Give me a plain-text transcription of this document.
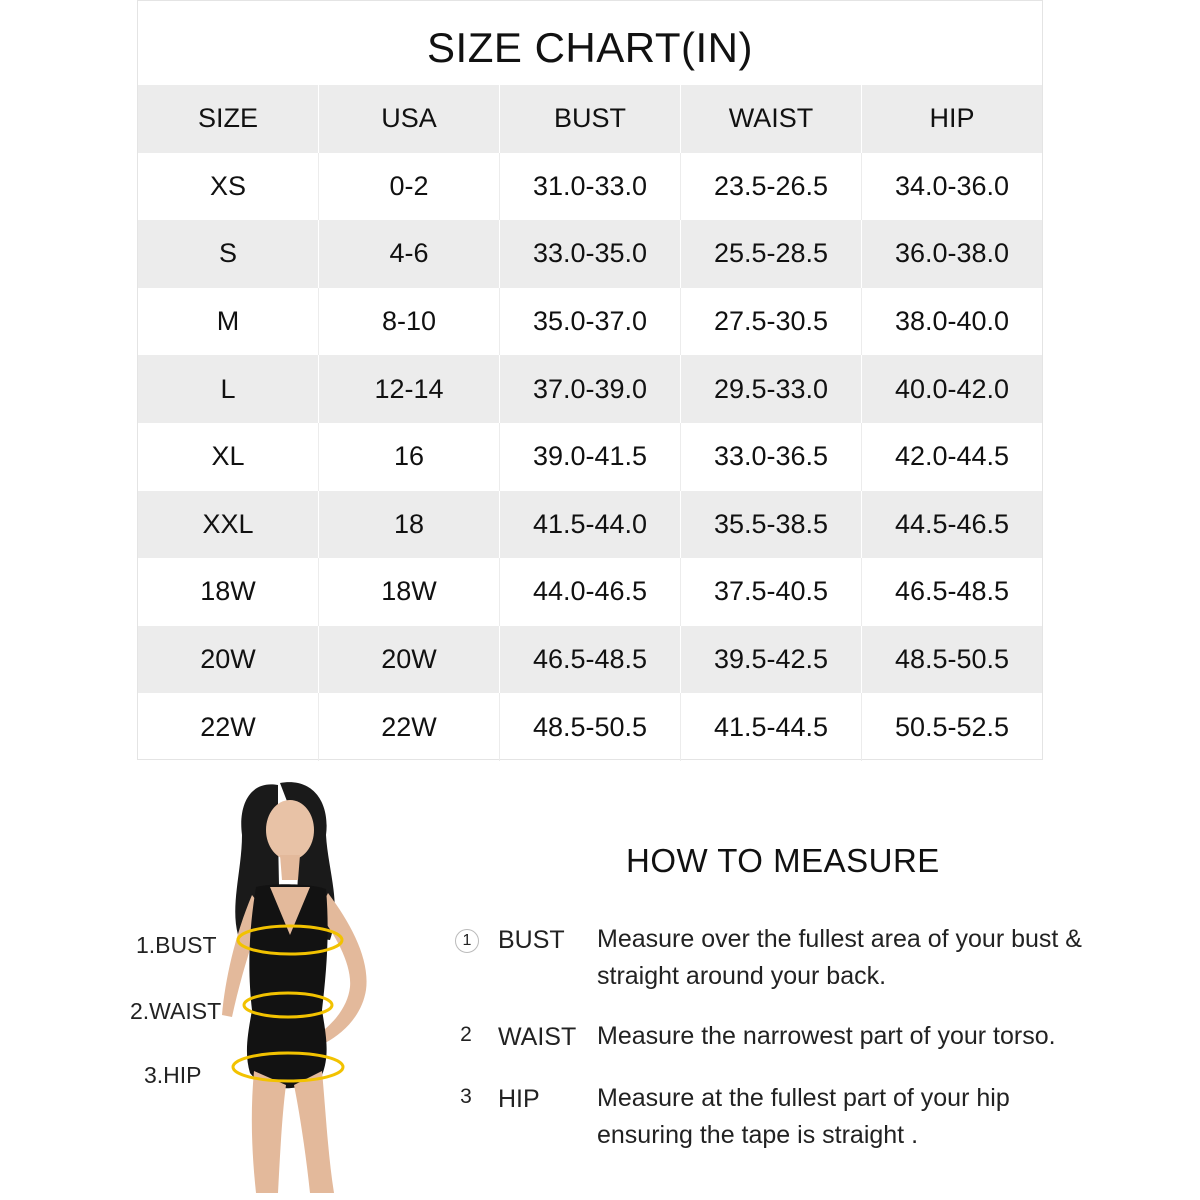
SIZE CHART(IN)
SIZE	USA	BUST	WAIST	HIP
XS	0-2	31.0-33.0	23.5-26.5	34.0-36.0
S	4-6	33.0-35.0	25.5-28.5	36.0-38.0
M	8-10	35.0-37.0	27.5-30.5	38.0-40.0
L	12-14	37.0-39.0	29.5-33.0	40.0-42.0
XL	16	39.0-41.5	33.0-36.5	42.0-44.5
XXL	18	41.5-44.0	35.5-38.5	44.5-46.5
18W	18W	44.0-46.5	37.5-40.5	46.5-48.5
20W	20W	46.5-48.5	39.5-42.5	48.5-50.5
22W	22W	48.5-50.5	41.5-44.5	50.5-52.5
1.BUST
2.WAIST
3.HIP
HOW TO MEASURE
1	BUST Measure over the fullest area of your bust & straight around your back.
2 WAIST Measure the narrowest part of your torso.
3 HIP Measure at the fullest part of your hip ensuring the tape is straight .
